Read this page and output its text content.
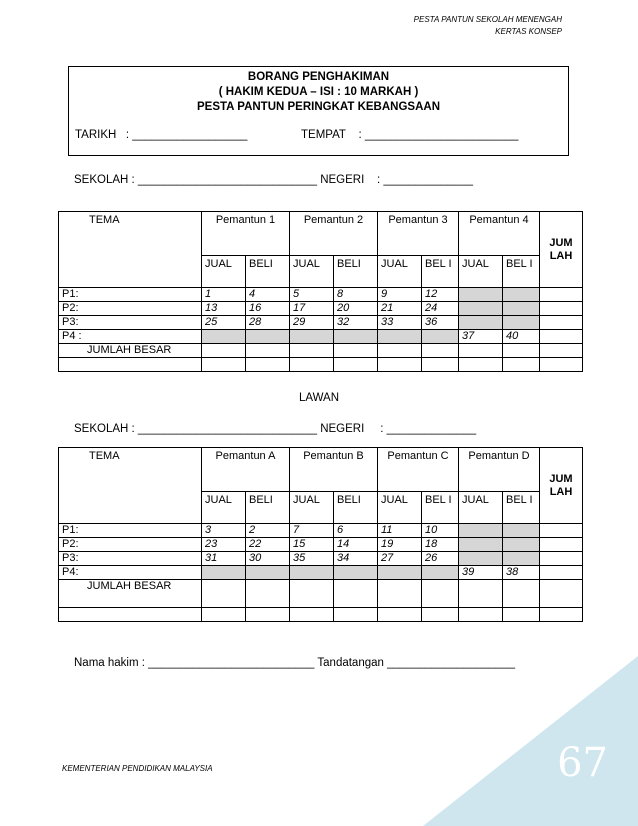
PESTA PANTUN SEKOLAH MENENGAH
KERTAS KONSEP
BORANG PENGHAKIMAN
( HAKIM KEDUA – ISI : 10 MARKAH )
PESTA PANTUN PERINGKAT KEBANGSAAN
TARIKH   : __________________	TEMPAT    : ________________________
SEKOLAH : ____________________________ NEGERI    : ______________
TEMA	Pemantun 1		Pemantun 2		Pemantun 3		Pemantun 4		JUM LAH
	JUAL	BELI	JUAL	BELI	JUAL	BEL I	JUAL	BEL I	
P1:	1	4	5	8	9	12			
P2:	13	16	17	20	21	24			
P3:	25	28	29	32	33	36			
P4 :							37	40	
JUMLAH BESAR									

LAWAN
SEKOLAH : ____________________________ NEGERI     : ______________
TEMA	Pemantun A		Pemantun B		Pemantun C		Pemantun D		JUM LAH
	JUAL	BELI	JUAL	BELI	JUAL	BEL I	JUAL	BEL I	
P1:	3	2	7	6	11	10			
P2:	23	22	15	14	19	18			
P3:	31	30	35	34	27	26			
P4:							39	38	
JUMLAH BESAR									

Nama hakim : __________________________ Tandatangan ____________________
67
KEMENTERIAN PENDIDIKAN MALAYSIA
